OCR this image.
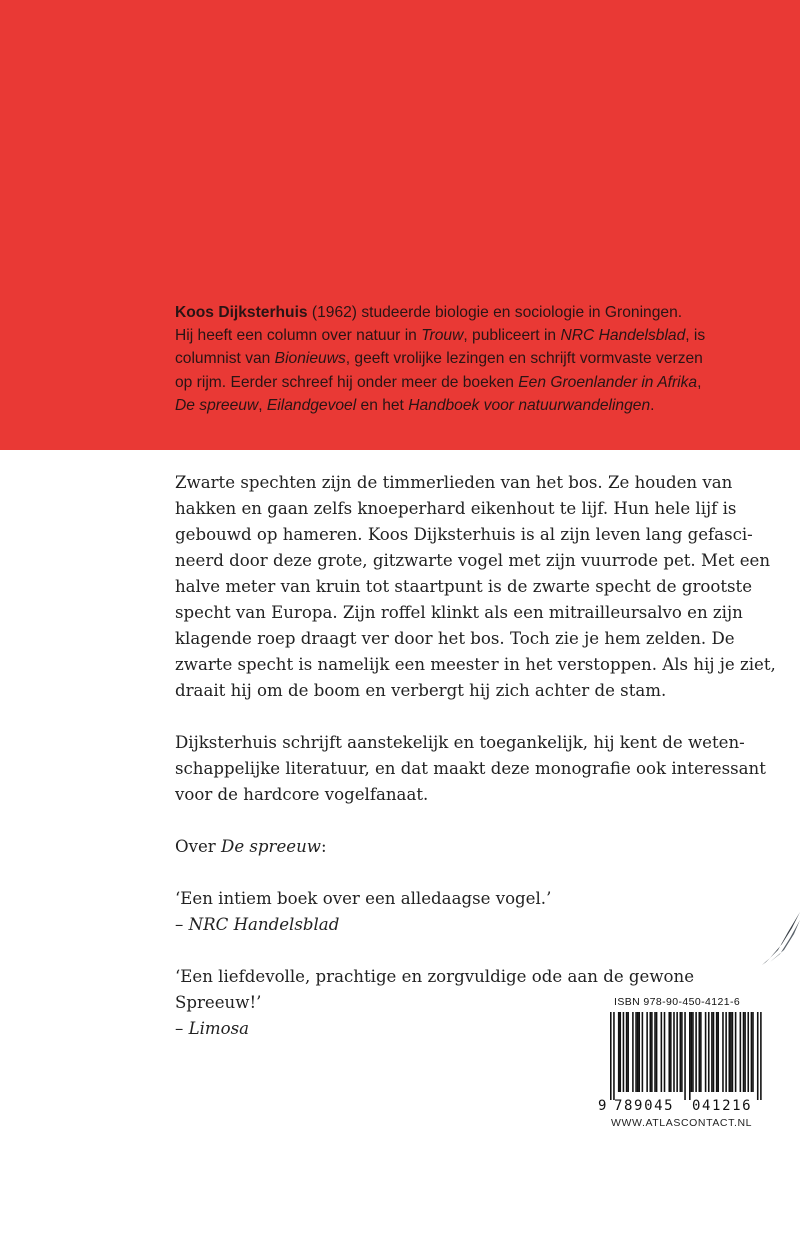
Koos Dijksterhuis (1962) studeerde biologie en sociologie in Groningen.

Hij heeft een column over natuur in Trouw, publiceert in NRC Handelsblad, is

columnist van Bionieuws, geeft vrolijke lezingen en schrijft vormvaste verzen

op rijm. Eerder schreef hij onder meer de boeken Een Groenlander in Afrika,

De spreeuw, Eilandgevoel en het Handboek voor natuurwandelingen.

Zwarte spechten zijn de timmerlieden van het bos. Ze houden van

hakken en gaan zelfs knoeperhard eikenhout te lijf. Hun hele lijf is

gebouwd op hameren. Koos Dijksterhuis is al zijn leven lang gefasci-

neerd door deze grote, gitzwarte vogel met zijn vuurrode pet. Met een

halve meter van kruin tot staartpunt is de zwarte specht de grootste

specht van Europa. Zijn roffel klinkt als een mitrailleursalvo en zijn

klagende roep draagt ver door het bos. Toch zie je hem zelden. De

zwarte specht is namelijk een meester in het verstoppen. Als hij je ziet,

draait hij om de boom en verbergt hij zich achter de stam.

Dijksterhuis schrijft aanstekelijk en toegankelijk, hij kent de weten-

schappelijke literatuur, en dat maakt deze monografie ook interessant

voor de hardcore vogelfanaat.

Over De spreeuw:

‘Een intiem boek over een alledaagse vogel.’

– NRC Handelsblad

‘Een liefdevolle, prachtige en zorgvuldige ode aan de gewone

Spreeuw!’

– Limosa

ISBN 978-90-450-4121-6
9 789045 041216
WWW.ATLASCONTACT.NL
